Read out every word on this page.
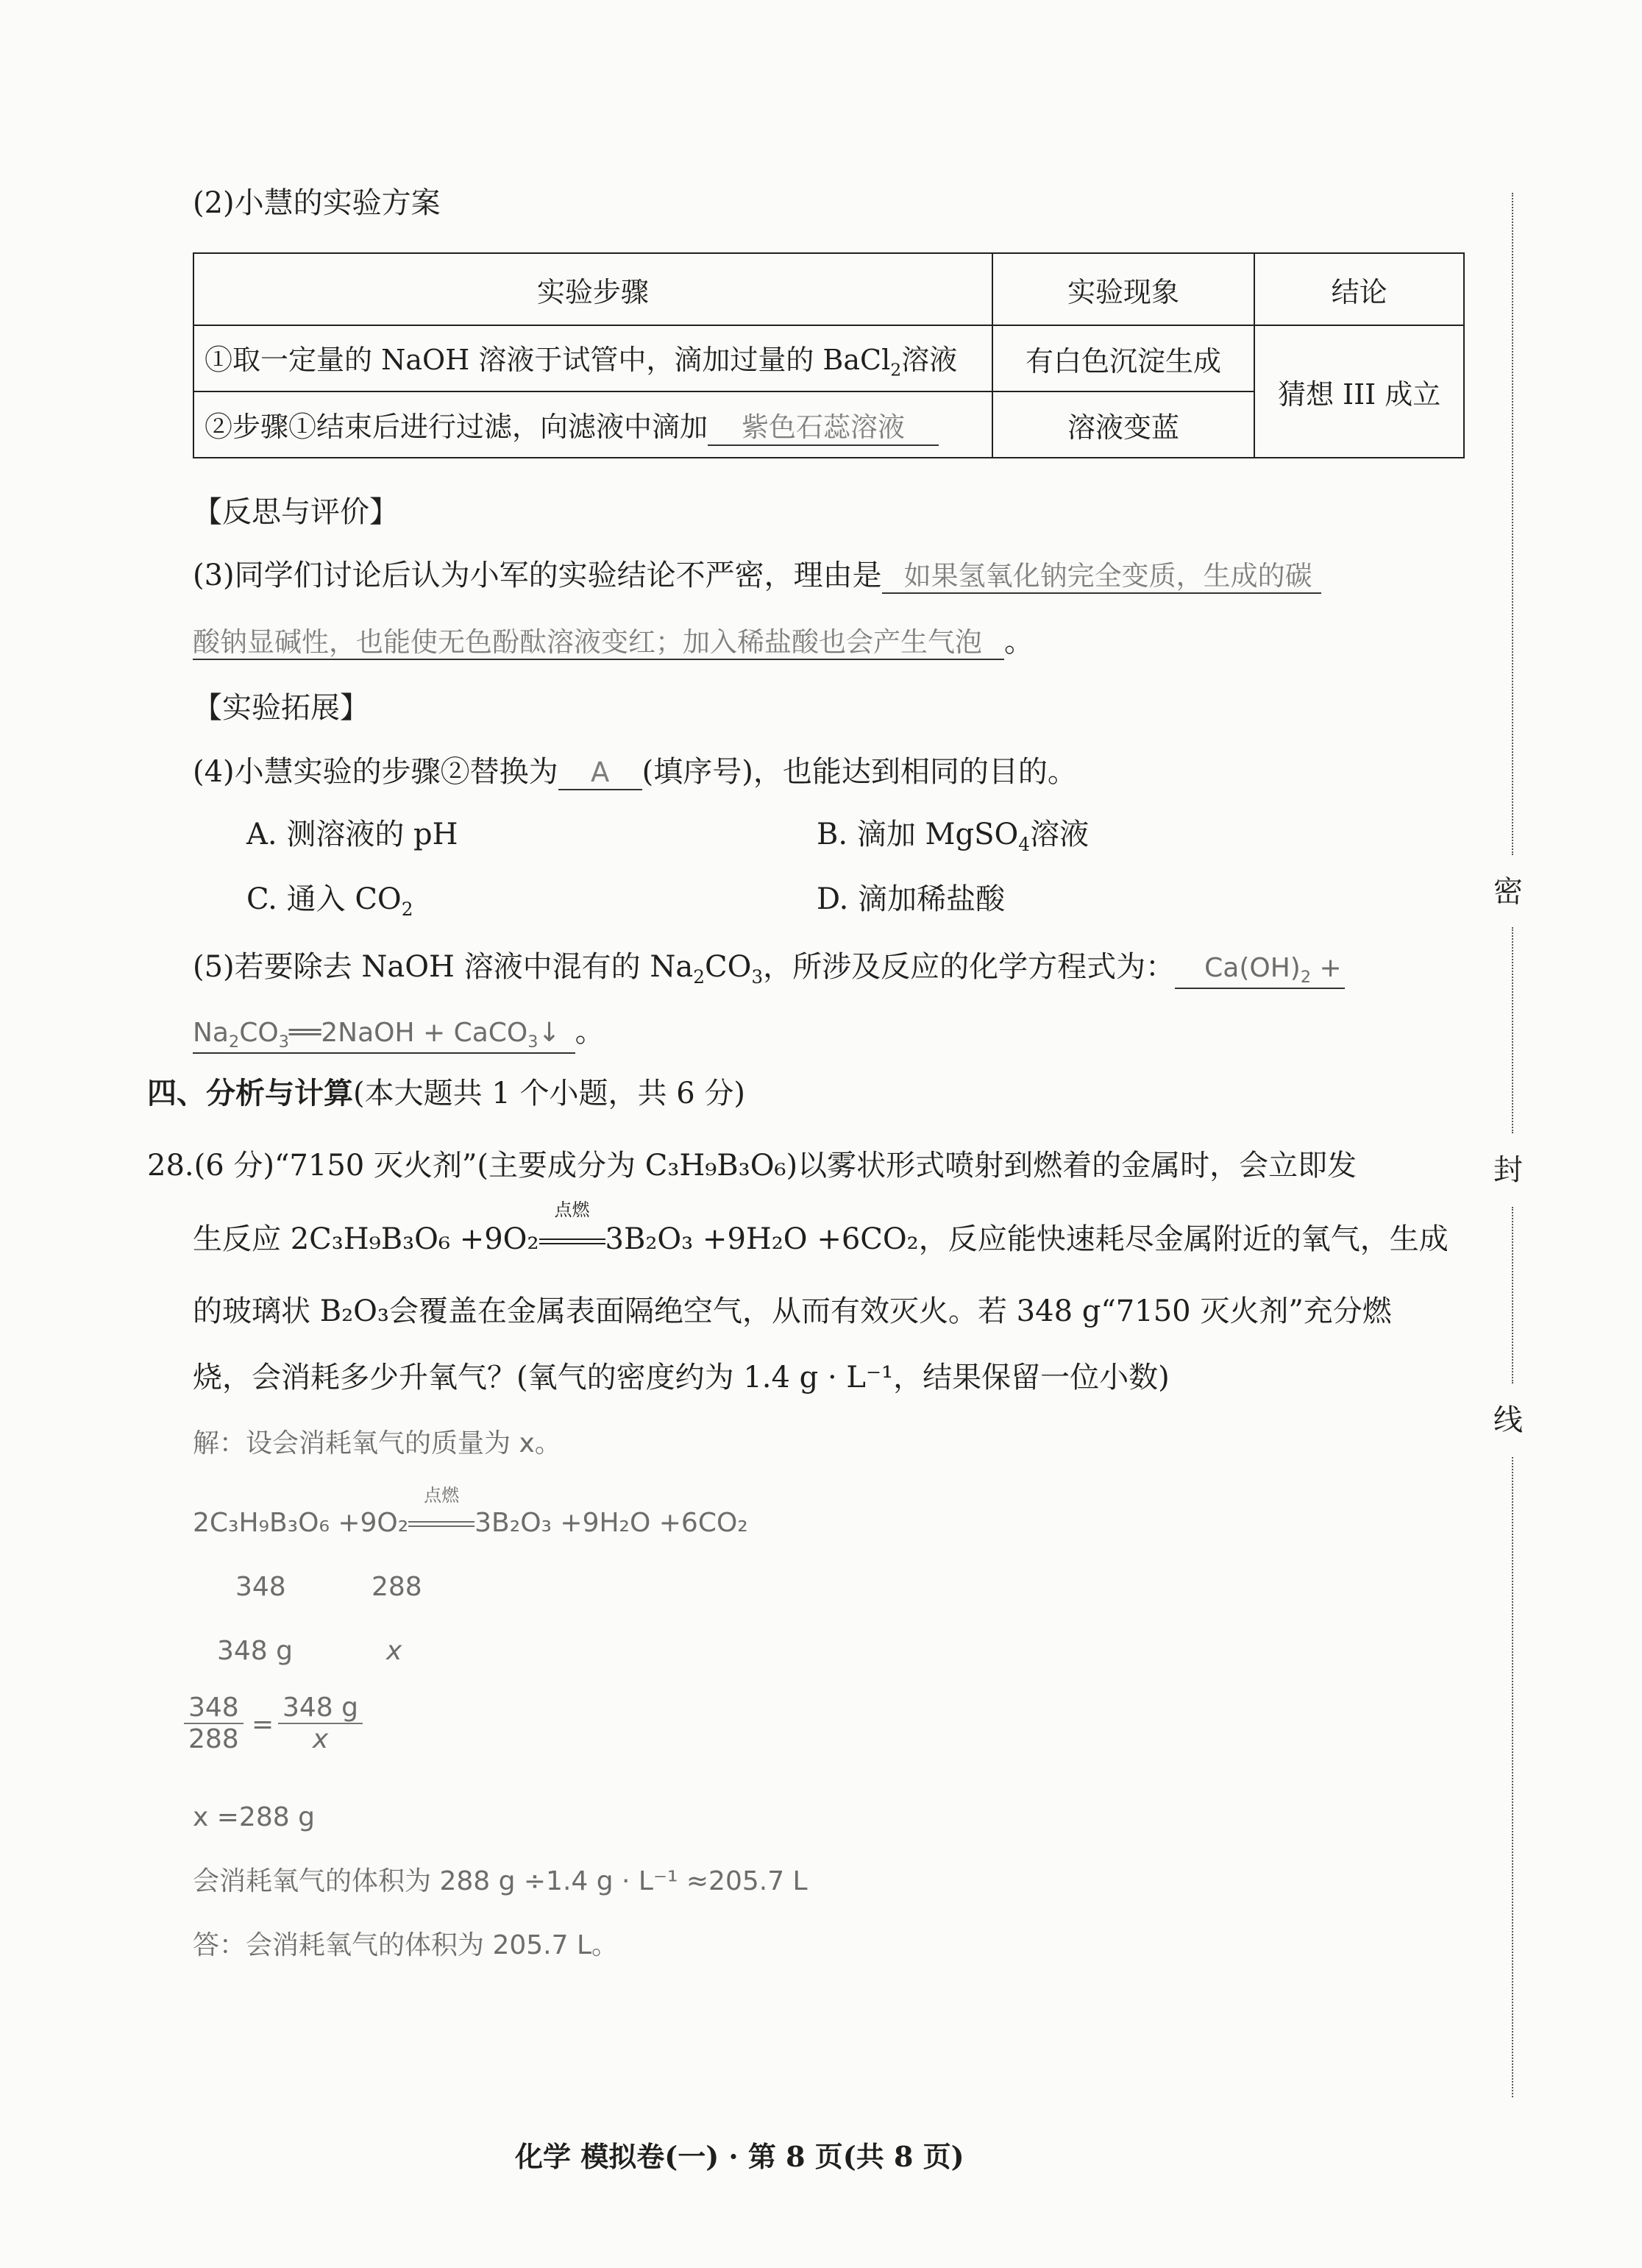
(2)小慧的实验方案
实验步骤	实验现象	结论
①取一定量的 NaOH 溶液于试管中，滴加过量的 BaCl$_2$溶液	有白色沉淀生成	猜想 III 成立
②步骤①结束后进行过滤，向滤液中滴加 紫色石蕊溶液	溶液变蓝	
【反思与评价】
(3)同学们讨论后认为小军的实验结论不严密，理由是 如果氢氧化钠完全变质，生成的碳
酸钠显碱性，也能使无色酚酞溶液变红；加入稀盐酸也会产生气泡 。
【实验拓展】
(4)小慧实验的步骤②替换为 A (填序号)，也能达到相同的目的。
A. 测溶液的 pH	B. 滴加 MgSO$_4$溶液
C. 通入 $CO_2$	D. 滴加稀盐酸
(5)若要除去 NaOH 溶液中混有的 $Na_2CO_3$，所涉及反应的化学方程式为： $Ca(OH)_2$ +
$Na_2CO_3══2NaOH$ + CaCO$_3$↓ 。
四、分析与计算(本大题共 1 个小题，共 6 分)
28.(6 分)“7150 灭火剂”(主要成分为 C₃H₉B₃O₆)以雾状形式喷射到燃着的金属时，会立即发
生反应 2C₃H₉B₃O₆ +9O₂
点燃
3B₂O₃ +9H₂O +6CO₂，反应能快速耗尽金属附近的氧气，生成
的玻璃状 B₂O₃会覆盖在金属表面隔绝空气，从而有效灭火。若 348 g“7150 灭火剂”充分燃
烧，会消耗多少升氧气？(氧气的密度约为 1.4 g · L⁻¹，结果保留一位小数)
解：设会消耗氧气的质量为 x。
2C₃H₉B₃O₆ +9O₂
点燃
3B₂O₃ +9H₂O +6CO₂
348	288
348 g	x
$\frac{348}{288} = \frac{348 g}{x}$
x =288 g
会消耗氧气的体积为 288 g ÷1.4 g · L⁻¹ ≈205.7 L
答：会消耗氧气的体积为 205.7 L。
密
封
线
化学 模拟卷(一) · 第 8 页(共 8 页)
